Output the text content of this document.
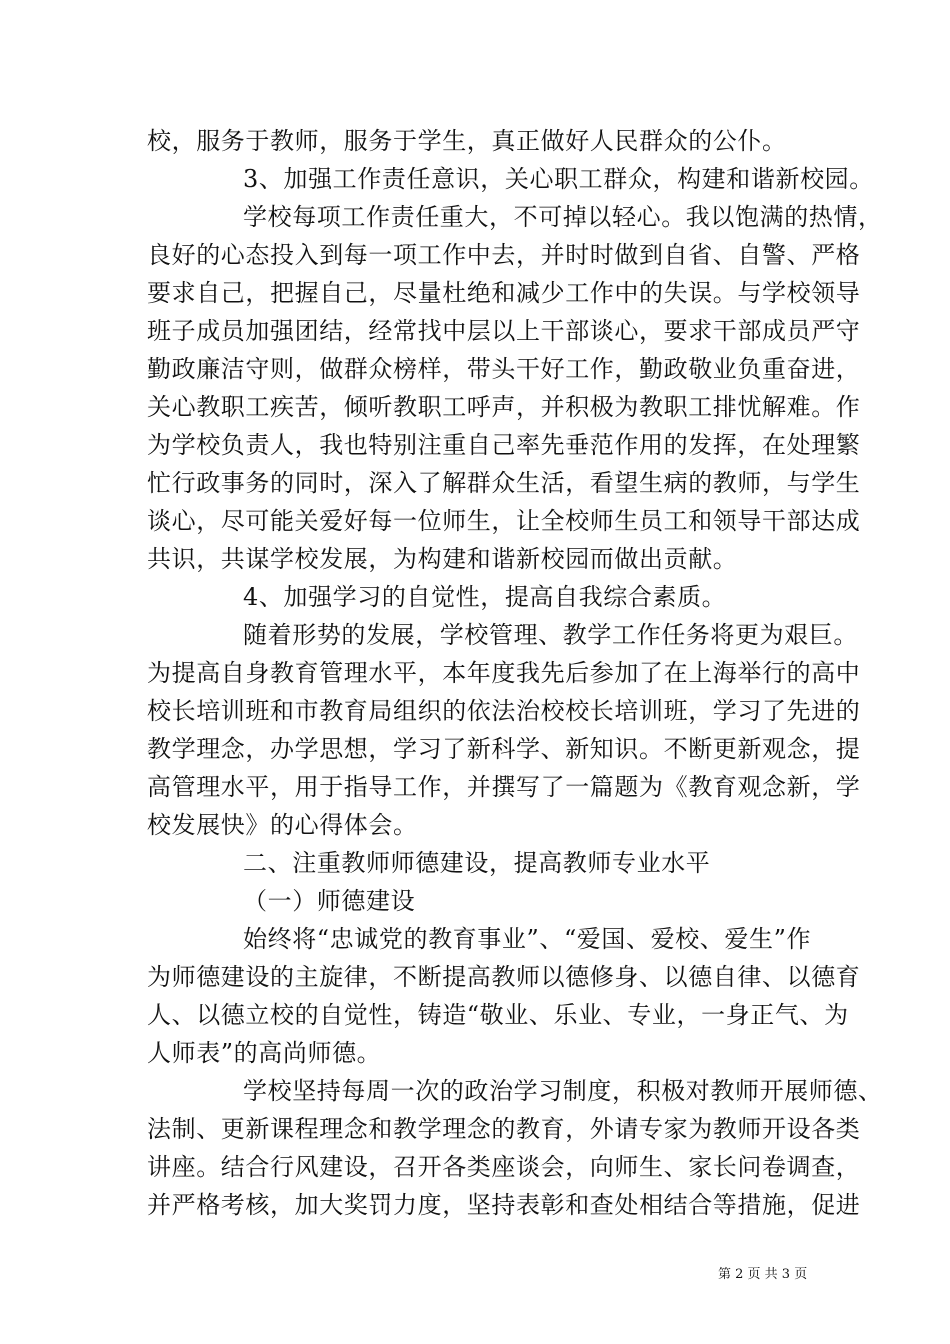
校，服务于教师，服务于学生，真正做好人民群众的公仆。
3、加强工作责任意识，关心职工群众，构建和谐新校园。
学校每项工作责任重大，不可掉以轻心。我以饱满的热情，
良好的心态投入到每一项工作中去，并时时做到自省、自警、严格
要求自己，把握自己，尽量杜绝和减少工作中的失误。与学校领导
班子成员加强团结，经常找中层以上干部谈心，要求干部成员严守
勤政廉洁守则，做群众榜样，带头干好工作，勤政敬业负重奋进，
关心教职工疾苦，倾听教职工呼声，并积极为教职工排忧解难。作
为学校负责人，我也特别注重自己率先垂范作用的发挥，在处理繁
忙行政事务的同时，深入了解群众生活，看望生病的教师，与学生
谈心，尽可能关爱好每一位师生，让全校师生员工和领导干部达成
共识，共谋学校发展，为构建和谐新校园而做出贡献。
4、加强学习的自觉性，提高自我综合素质。
随着形势的发展，学校管理、教学工作任务将更为艰巨。
为提高自身教育管理水平，本年度我先后参加了在上海举行的高中
校长培训班和市教育局组织的依法治校校长培训班，学习了先进的
教学理念，办学思想，学习了新科学、新知识。不断更新观念，提
高管理水平，用于指导工作，并撰写了一篇题为《教育观念新，学
校发展快》的心得体会。
二、注重教师师德建设，提高教师专业水平
（一）师德建设
始终将“忠诚党的教育事业”、“爱国、爱校、爱生”作
为师德建设的主旋律，不断提高教师以德修身、以德自律、以德育
人、以德立校的自觉性，铸造“敬业、乐业、专业，一身正气、为
人师表”的高尚师德。
学校坚持每周一次的政治学习制度，积极对教师开展师德、
法制、更新课程理念和教学理念的教育，外请专家为教师开设各类
讲座。结合行风建设，召开各类座谈会，向师生、家长问卷调查，
并严格考核，加大奖罚力度，坚持表彰和查处相结合等措施，促进
第 2 页 共 3 页
